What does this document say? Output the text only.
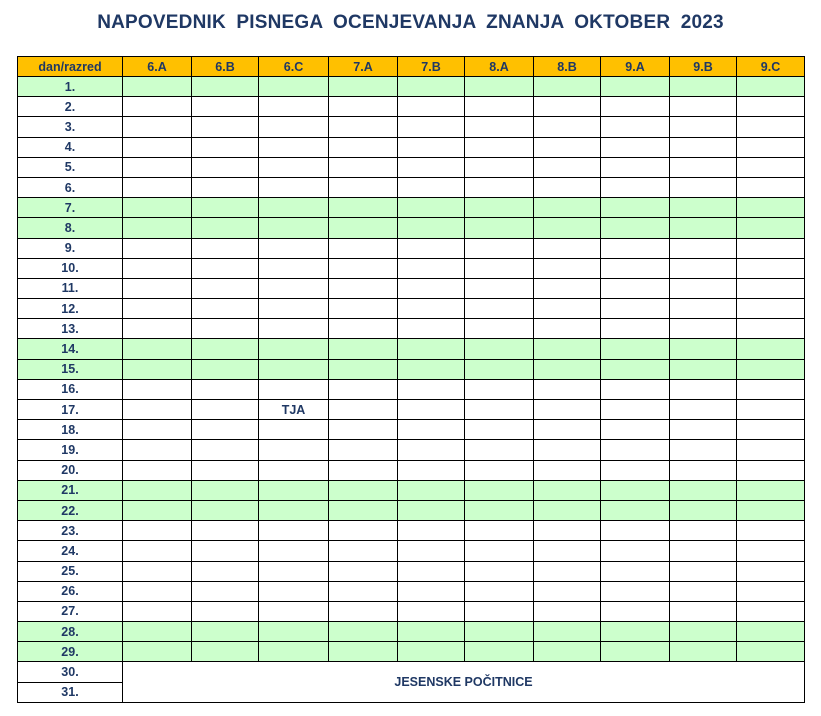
NAPOVEDNIK PISNEGA OCENJEVANJA ZNANJA OKTOBER 2023
dan/razred	6.A	6.B	6.C	7.A	7.B	8.A	8.B	9.A	9.B	9.C
1.										
2.										
3.										
4.										
5.										
6.										
7.										
8.										
9.										
10.										
11.										
12.										
13.										
14.										
15.										
16.										
17.			TJA							
18.										
19.										
20.										
21.										
22.										
23.										
24.										
25.										
26.										
27.										
28.										
29.										
30.	JESENSKE POČITNICE									
31.										
